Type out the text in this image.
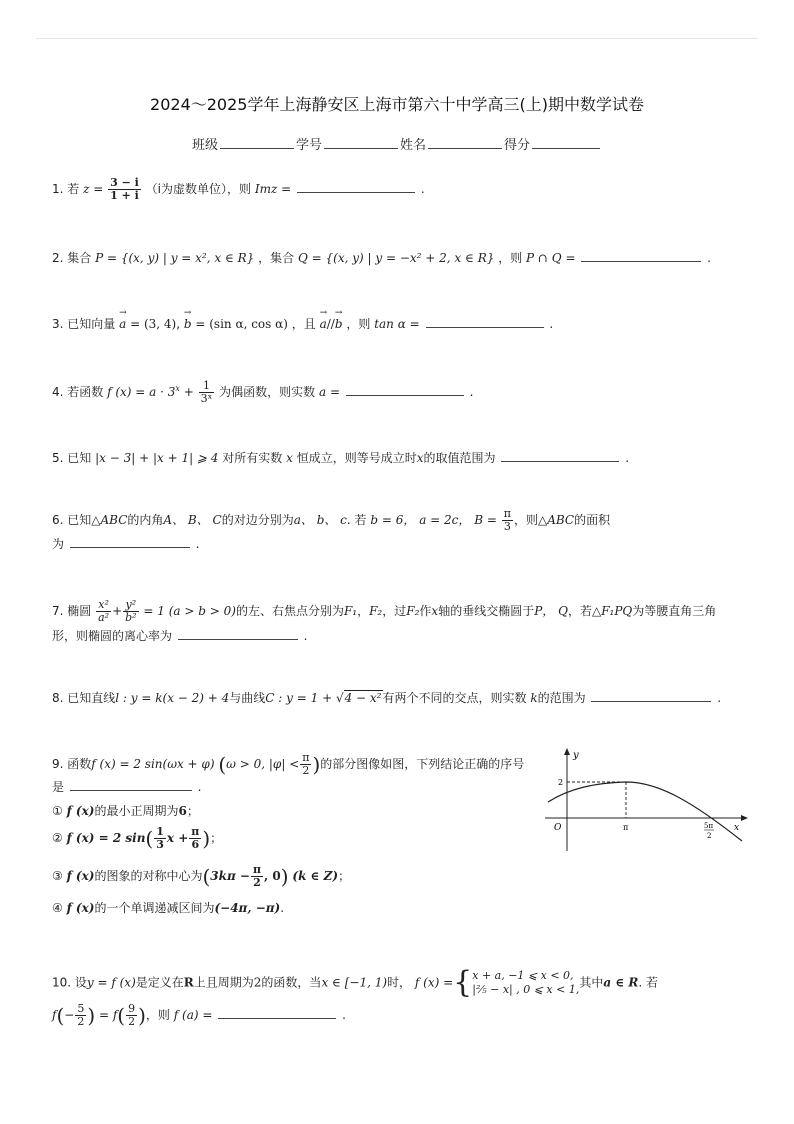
2024～2025学年上海静安区上海市第六十中学高三(上)期中数学试卷
班级	学号	姓名	得分
1. 若 $z = \frac{3 - i}{1 + i} (i$为虚数单位），则 Imz =	.
2. 集合 P = {(x, y) | y = x², x ∈ R} ，集合 Q = {(x, y) | y = −x² + 2, x ∈ R} ，则 P ∩ Q =	.
3. 已知向量 → a = (3, 4), → b = (sin α, cos α) ，且 → a//→ b ，则 tan α =	.
4. 若函数 f $(x) = a \cdot 3^x + \frac{1}{\text{3ˣ}}$ 为偶函数，则实数 a =	.
5. 已知 |x − 3| + |x + 1| ⩾ 4 对所有实数 x 恒成立，则等号成立时x的取值范围为	.
6. 已知△ABC的内角A、 B、 C的对边分别为a、 b、 c. 若 b = 6， a = 2c， $B = \frac{\pi}{3}$ ，则△ABC的面积
为	.
7. 椭圆 $\frac{\text{x²}}{\text{a²}} + \frac{\text{y²}}{\text{b²}} = 1$ (a > b > 0)的左、右焦点分别为F₁，F₂，过F₂作x轴的垂线交椭圆于P， Q，若△F₁PQ为等腰直角三角
形，则椭圆的离心率为	.
8. 已知直线l : y = k(x − 2) + 4与曲线C : y = 1 + √4 − x²有两个不同的交点，则实数 k的范围为	.
9. 函数f (x) = 2 sin(ωx + φ) (ω > 0, $|\varphi| < \frac{\pi}{2}$ )的部分图像如图，下列结论正确的序号
是	.
① f (x)的最小正周期为6；
② f (x) = 2 $\sin( \frac{1}{3}$ $x + \frac{\pi}{6}$ )；
③ f (x)的图象的对称中心为($3k\pi - \frac{\pi}{2}$ , 0) (k ∈ Z)；
④ f (x)的一个单调递减区间为(−4π, −π).
y
x
O
2
π	5π
2
10. 设y = f (x)是定义在R上且周期为2的函数，当x ∈ [−1, 1)时， f (x) ={ x + a, −1 ⩽ x < 0,
|⅖ − x| , 0 ⩽ x < 1, 其中a ∈ R. 若
$f(- \frac{5}{2}$ ) = $f( \frac{9}{2}$ )，则 f (a) =	.
